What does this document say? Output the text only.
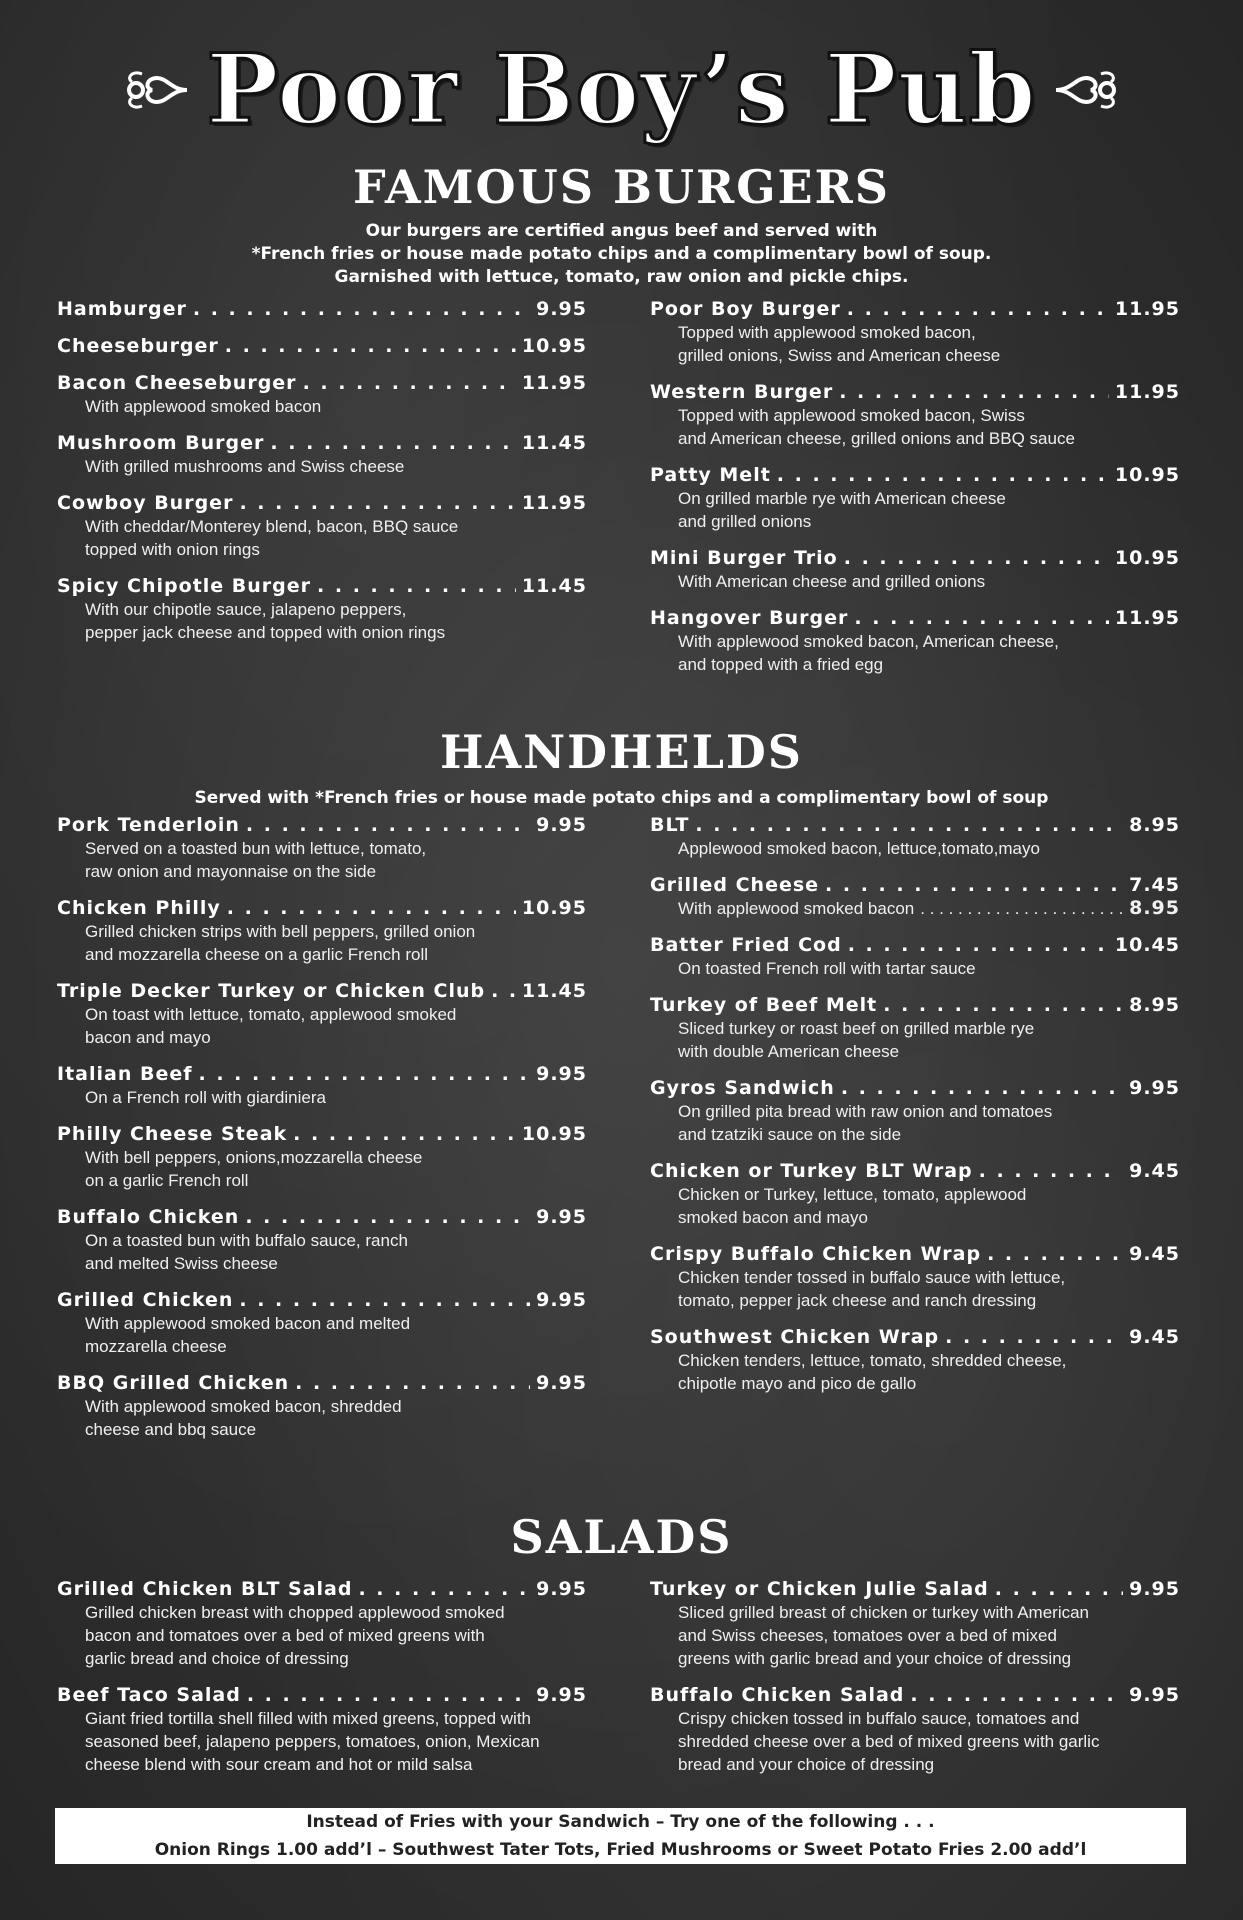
Poor Boy’s Pub
FAMOUS BURGERS
Our burgers are certified angus beef and served with
*French fries or house made potato chips and a complimentary bowl of soup.
Garnished with lettuce, tomato, raw onion and pickle chips.
Hamburger . . .	9.95
Cheeseburger . . .	10.95
Bacon Cheeseburger . . .	11.95
With applewood smoked bacon
Mushroom Burger . . .	11.45
With grilled mushrooms and Swiss cheese
Cowboy Burger . . .	11.95
With cheddar/Monterey blend, bacon, BBQ sauce
topped with onion rings
Spicy Chipotle Burger . . .	11.45
With our chipotle sauce, jalapeno peppers,
pepper jack cheese and topped with onion rings
Poor Boy Burger . . .	11.95
Topped with applewood smoked bacon,
grilled onions, Swiss and American cheese
Western Burger . . .	11.95
Topped with applewood smoked bacon, Swiss
and American cheese, grilled onions and BBQ sauce
Patty Melt . . .	10.95
On grilled marble rye with American cheese
and grilled onions
Mini Burger Trio . . .	10.95
With American cheese and grilled onions
Hangover Burger . . .	11.95
With applewood smoked bacon, American cheese,
and topped with a fried egg
HANDHELDS
Served with *French fries or house made potato chips and a complimentary bowl of soup
Pork Tenderloin . . .	9.95
Served on a toasted bun with lettuce, tomato,
raw onion and mayonnaise on the side
Chicken Philly . . .	10.95
Grilled chicken strips with bell peppers, grilled onion
and mozzarella cheese on a garlic French roll
Triple Decker Turkey or Chicken Club . . . 11.45
On toast with lettuce, tomato, applewood smoked
bacon and mayo
Italian Beef . . .	9.95
On a French roll with giardiniera
Philly Cheese Steak . . .	10.95
With bell peppers, onions,mozzarella cheese
on a garlic French roll
Buffalo Chicken . . .	9.95
On a toasted bun with buffalo sauce, ranch
and melted Swiss cheese
Grilled Chicken . . .	9.95
With applewood smoked bacon and melted
mozzarella cheese
BBQ Grilled Chicken . . .	9.95
With applewood smoked bacon, shredded
cheese and bbq sauce
BLT . . .	8.95
Applewood smoked bacon, lettuce,tomato,mayo
Grilled Cheese . . .	7.45
With applewood smoked bacon . . .	8.95
Batter Fried Cod . . .	10.45
On toasted French roll with tartar sauce
Turkey of Beef Melt . . .	8.95
Sliced turkey or roast beef on grilled marble rye
with double American cheese
Gyros Sandwich . . .	9.95
On grilled pita bread with raw onion and tomatoes
and tzatziki sauce on the side
Chicken or Turkey BLT Wrap . . .	9.45
Chicken or Turkey, lettuce, tomato, applewood
smoked bacon and mayo
Crispy Buffalo Chicken Wrap . . .	9.45
Chicken tender tossed in buffalo sauce with lettuce,
tomato, pepper jack cheese and ranch dressing
Southwest Chicken Wrap . . .	9.45
Chicken tenders, lettuce, tomato, shredded cheese,
chipotle mayo and pico de gallo
SALADS
Grilled Chicken BLT Salad . . .	9.95
Grilled chicken breast with chopped applewood smoked
bacon and tomatoes over a bed of mixed greens with
garlic bread and choice of dressing
Beef Taco Salad . . .	9.95
Giant fried tortilla shell filled with mixed greens, topped with
seasoned beef, jalapeno peppers, tomatoes, onion, Mexican
cheese blend with sour cream and hot or mild salsa
Turkey or Chicken Julie Salad . . .	9.95
Sliced grilled breast of chicken or turkey with American
and Swiss cheeses, tomatoes over a bed of mixed
greens with garlic bread and your choice of dressing
Buffalo Chicken Salad . . .	9.95
Crispy chicken tossed in buffalo sauce, tomatoes and
shredded cheese over a bed of mixed greens with garlic
bread and your choice of dressing
Instead of Fries with your Sandwich – Try one of the following . . .
Onion Rings 1.00 add’l – Southwest Tater Tots, Fried Mushrooms or Sweet Potato Fries 2.00 add’l
